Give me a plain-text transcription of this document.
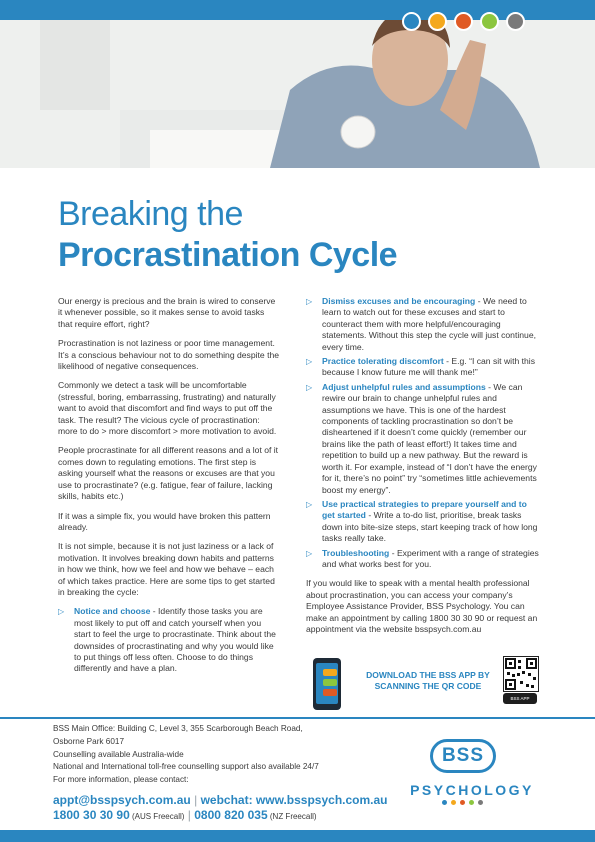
Breaking the
Procrastination Cycle

Our energy is precious and the brain is wired to conserve it whenever possible, so it makes sense to avoid tasks that require effort, right?

Procrastination is not laziness or poor time management. It’s a conscious behaviour not to do something despite the likelihood of negative consequences.

Commonly we detect a task will be uncomfortable (stressful, boring, embarrassing, frustrating) and naturally want to avoid that discomfort and find ways to put off the task. The result? The vicious cycle of procrastination: more to do > more discomfort > more motivation to avoid.

People procrastinate for all different reasons and a lot of it comes down to regulating emotions. The first step is asking yourself what the reasons or excuses are that you use to procrastinate? (e.g. fatigue, fear of failure, lacking skills, habits etc.)

If it was a simple fix, you would have broken this pattern already.

It is not simple, because it is not just laziness or a lack of motivation. It involves breaking down habits and patterns in how we think, how we feel and how we behave – each of which takes practice. Here are some tips to get started in breaking the cycle:

▷ Notice and choose - Identify those tasks you are most likely to put off and catch yourself when you start to feel the urge to procrastinate. Think about the downsides of procrastinating and why you would like to put things off less often. Choose to do things differently and have a plan.
▷ Dismiss excuses and be encouraging - We need to learn to watch out for these excuses and start to counteract them with more helpful/encouraging statements. Without this step the cycle will just continue, every time.
▷ Practice tolerating discomfort - E.g. “I can sit with this because I know future me will thank me!”
▷ Adjust unhelpful rules and assumptions - We can rewire our brain to change unhelpful rules and assumptions we have. This is one of the hardest components of tackling procrastination so don’t be disheartened if it doesn’t come quickly (remember our brains like the path of least effort!) It takes time and repetition to build up a new pathway. But the reward is worth it. For example, instead of “I don’t have the energy for it, there’s no point” try “sometimes little achievements boost my energy”.
▷ Use practical strategies to prepare yourself and to get started - Write a to-do list, prioritise, break tasks down into bite-size steps, start keeping track of how long tasks really take.
▷ Troubleshooting - Experiment with a range of strategies and what works best for you.

If you would like to speak with a mental health professional about procrastination, you can access your company’s Employee Assistance Provider, BSS Psychology. You can make an appointment by calling 1800 30 30 90 or request an appointment via the website bsspsych.com.au

DOWNLOAD THE BSS APP BY
SCANNING THE QR CODE
BSS APP
BSS Main Office: Building C, Level 3, 355 Scarborough Beach Road,
Osborne Park 6017
Counselling available Australia-wide
National and International toll-free counselling support also available 24/7
For more information, please contact:
appt@bsspsych.com.au | webchat: www.bsspsych.com.au
1800 30 30 90 (AUS Freecall) | 0800 820 035 (NZ Freecall)
BSS
PSYCHOLOGY
